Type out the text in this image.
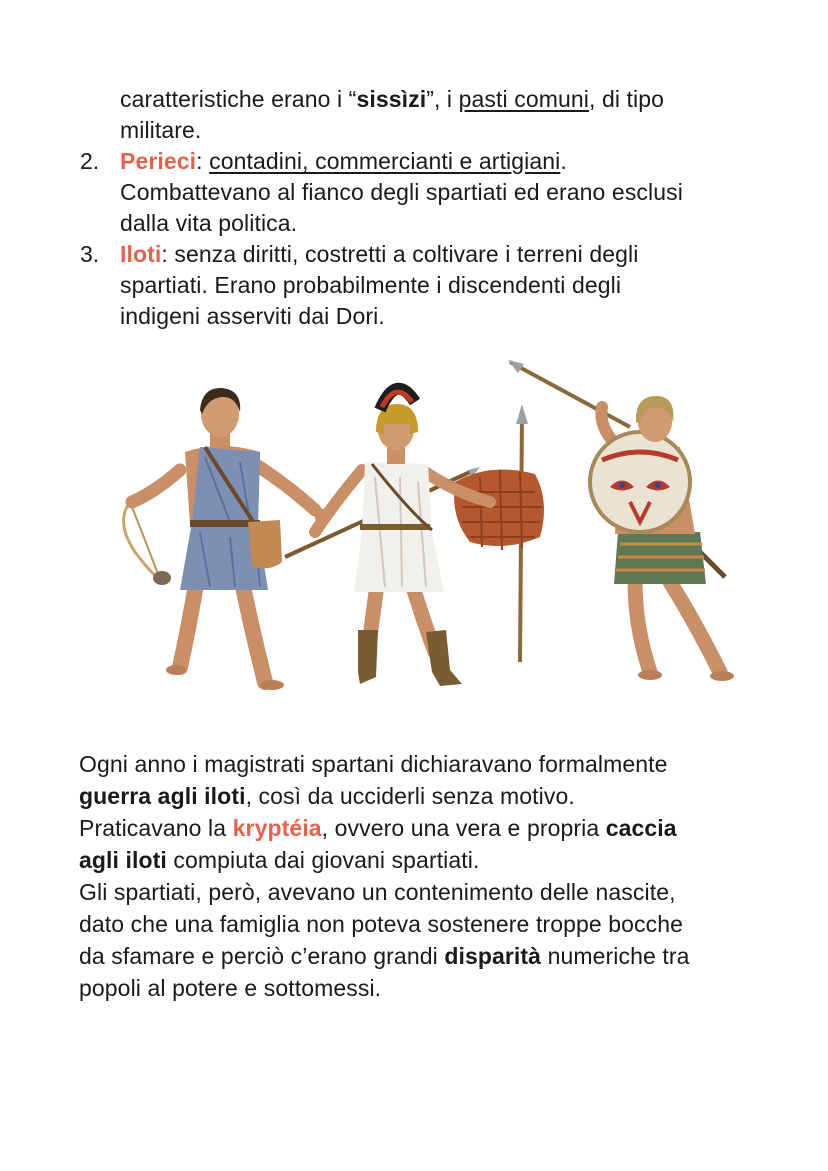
caratteristiche erano i “sissìzi”, i pasti comuni, di tipo
militare.
2. Perieci: contadini, commercianti e artigiani.
Combattevano al fianco degli spartiati ed erano esclusi
dalla vita politica.
3. Iloti: senza diritti, costretti a coltivare i terreni degli
spartiati. Erano probabilmente i discendenti degli
indigeni asserviti dai Dori.
Ogni anno i magistrati spartani dichiaravano formalmente
guerra agli iloti, così da ucciderli senza motivo.
Praticavano la kryptéia, ovvero una vera e propria caccia
agli iloti compiuta dai giovani spartiati.
Gli spartiati, però, avevano un contenimento delle nascite,
dato che una famiglia non poteva sostenere troppe bocche
da sfamare e perciò c’erano grandi disparità numeriche tra
popoli al potere e sottomessi.
